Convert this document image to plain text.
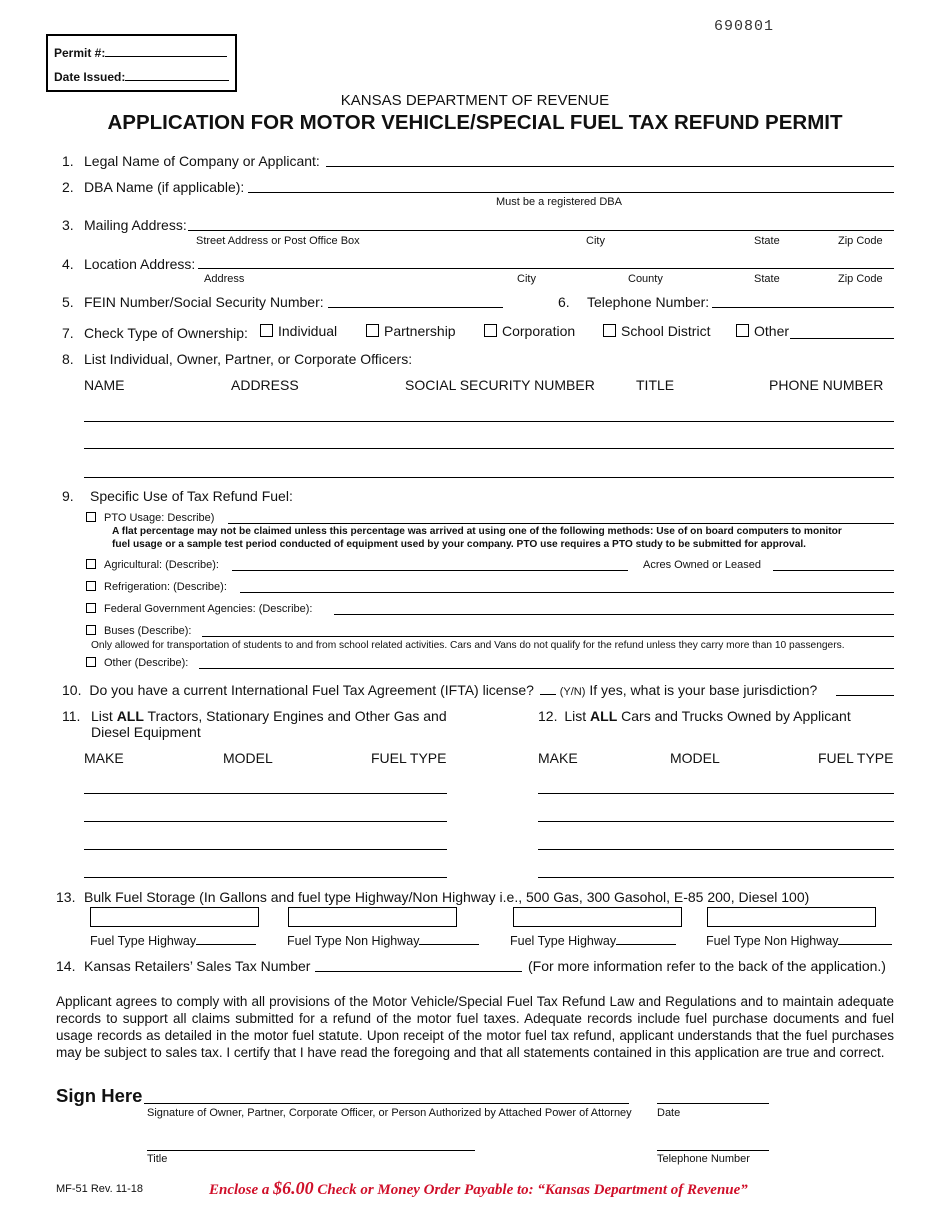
690801
Permit #:
Date Issued:
KANSAS DEPARTMENT OF REVENUE
APPLICATION FOR MOTOR VEHICLE/SPECIAL FUEL TAX REFUND PERMIT
1. Legal Name of Company or Applicant:
2. DBA Name (if applicable):
Must be a registered DBA
3. Mailing Address:
Street Address or Post Office Box	City	State	Zip Code
4. Location Address:
Address	City	County	State	Zip Code
5. FEIN Number/Social Security Number:	6. Telephone Number:
7. Check Type of Ownership:	Individual	Partnership	Corporation	School District	Other
8. List Individual, Owner, Partner, or Corporate Officers:
NAME	ADDRESS	SOCIAL SECURITY NUMBER	TITLE	PHONE NUMBER
9. Specific Use of Tax Refund Fuel:
PTO Usage: Describe)
A flat percentage may not be claimed unless this percentage was arrived at using one of the following methods: Use of on board computers to monitor
fuel usage or a sample test period conducted of equipment used by your company. PTO use requires a PTO study to be submitted for approval.
Agricultural: (Describe):	Acres Owned or Leased
Refrigeration: (Describe):
Federal Government Agencies: (Describe):
Buses (Describe):
Only allowed for transportation of students to and from school related activities. Cars and Vans do not qualify for the refund unless they carry more than 10 passengers.
Other (Describe):
10. Do you have a current International Fuel Tax Agreement (IFTA) license? (Y/N) If yes, what is your base jurisdiction?
11. List ALL Tractors, Stationary Engines and Other Gas and
Diesel Equipment
MAKE	MODEL	FUEL TYPE
12. List ALL Cars and Trucks Owned by Applicant
MAKE	MODEL	FUEL TYPE
13. Bulk Fuel Storage (In Gallons and fuel type Highway/Non Highway i.e., 500 Gas, 300 Gasohol, E-85 200, Diesel 100)
Fuel Type Highway	Fuel Type Non Highway	Fuel Type Highway	Fuel Type Non Highway
14. Kansas Retailers’ Sales Tax Number	(For more information refer to the back of the application.)
Applicant agrees to comply with all provisions of the Motor Vehicle/Special Fuel Tax Refund Law and Regulations and to maintain adequate records to support all claims submitted for a refund of the motor fuel taxes. Adequate records include fuel purchase documents and fuel usage records as detailed in the motor fuel statute. Upon receipt of the motor fuel tax refund, applicant understands that the fuel purchases may be subject to sales tax. I certify that I have read the foregoing and that all statements contained in this application are true and correct.
Sign Here
Signature of Owner, Partner, Corporate Officer, or Person Authorized by Attached Power of Attorney Date
Title	Telephone Number
MF-51 Rev. 11-18	Enclose a $6.00 Check or Money Order Payable to: “Kansas Department of Revenue”
